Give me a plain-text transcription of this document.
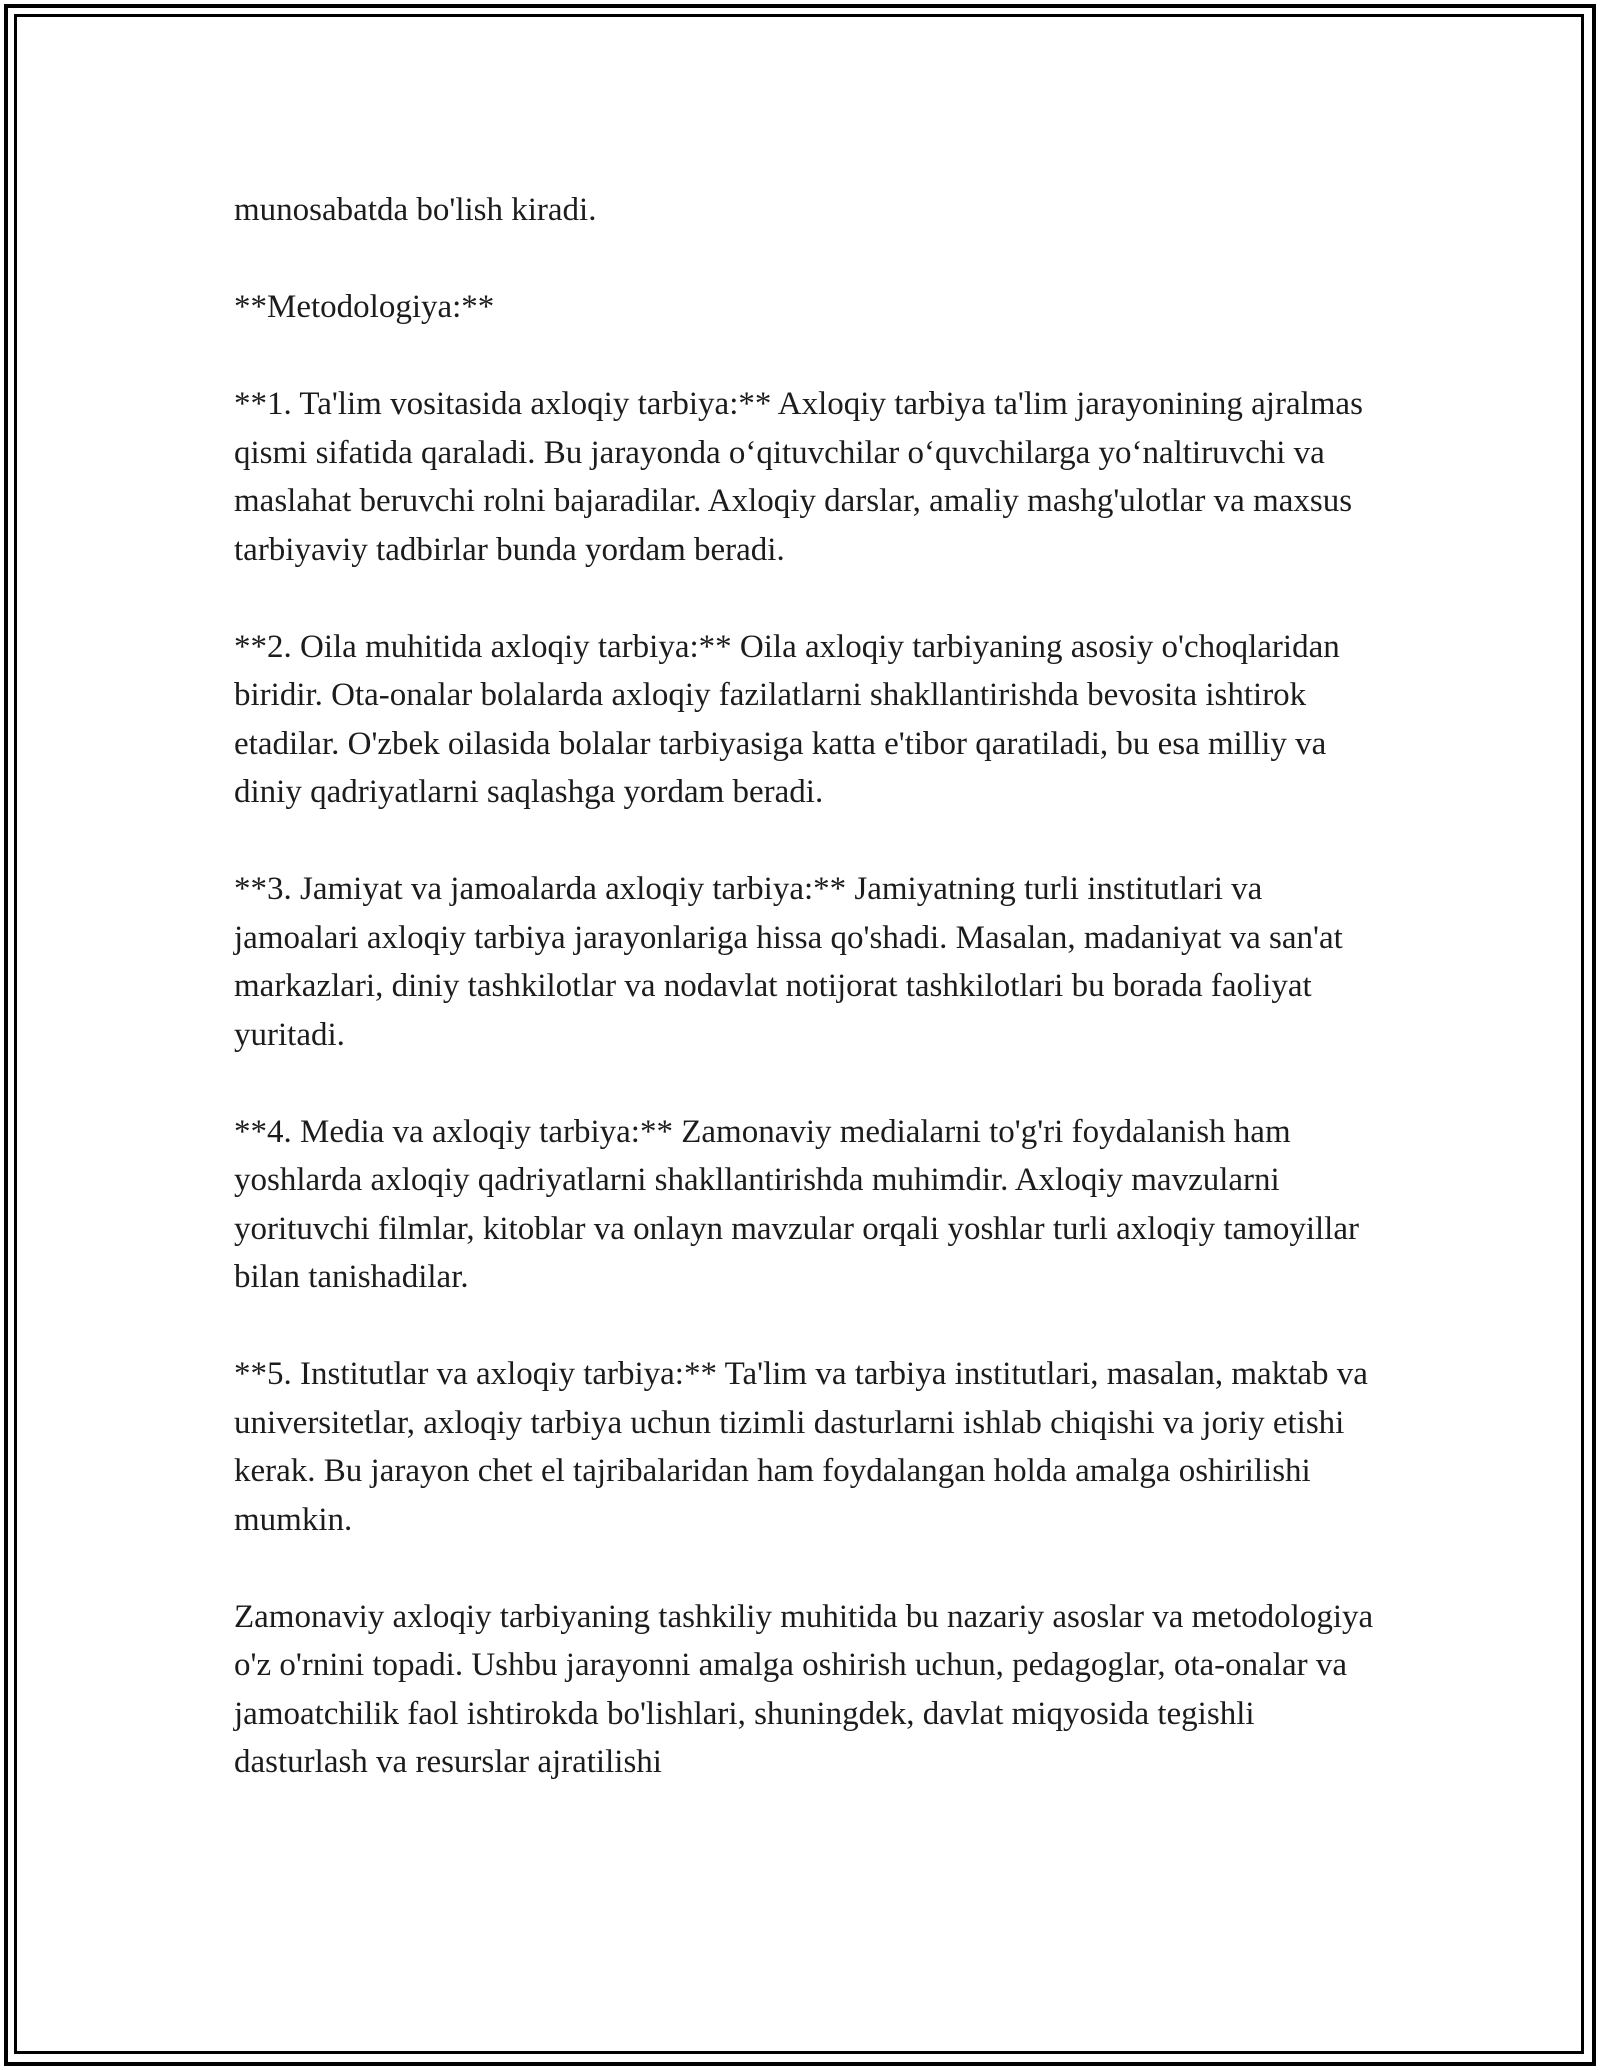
munosabatda bo'lish kiradi.

**Metodologiya:**

**1. Ta'lim vositasida axloqiy tarbiya:** Axloqiy tarbiya ta'lim jarayonining ajralmas qismi sifatida qaraladi. Bu jarayonda o‘qituvchilar o‘quvchilarga yo‘naltiruvchi va maslahat beruvchi rolni bajaradilar. Axloqiy darslar, amaliy mashg'ulotlar va maxsus tarbiyaviy tadbirlar bunda yordam beradi.

**2. Oila muhitida axloqiy tarbiya:** Oila axloqiy tarbiyaning asosiy o'choqlaridan biridir. Ota-onalar bolalarda axloqiy fazilatlarni shakllantirishda bevosita ishtirok etadilar. O'zbek oilasida bolalar tarbiyasiga katta e'tibor qaratiladi, bu esa milliy va diniy qadriyatlarni saqlashga yordam beradi.

**3. Jamiyat va jamoalarda axloqiy tarbiya:** Jamiyatning turli institutlari va jamoalari axloqiy tarbiya jarayonlariga hissa qo'shadi. Masalan, madaniyat va san'at markazlari, diniy tashkilotlar va nodavlat notijorat tashkilotlari bu borada faoliyat yuritadi.

**4. Media va axloqiy tarbiya:** Zamonaviy medialarni to'g'ri foydalanish ham yoshlarda axloqiy qadriyatlarni shakllantirishda muhimdir. Axloqiy mavzularni yorituvchi filmlar, kitoblar va onlayn mavzular orqali yoshlar turli axloqiy tamoyillar bilan tanishadilar.

**5. Institutlar va axloqiy tarbiya:** Ta'lim va tarbiya institutlari, masalan, maktab va universitetlar, axloqiy tarbiya uchun tizimli dasturlarni ishlab chiqishi va joriy etishi kerak. Bu jarayon chet el tajribalaridan ham foydalangan holda amalga oshirilishi mumkin.

Zamonaviy axloqiy tarbiyaning tashkiliy muhitida bu nazariy asoslar va metodologiya o'z o'rnini topadi. Ushbu jarayonni amalga oshirish uchun, pedagoglar, ota-onalar va jamoatchilik faol ishtirokda bo'lishlari, shuningdek, davlat miqyosida tegishli dasturlash va resurslar ajratilishi
